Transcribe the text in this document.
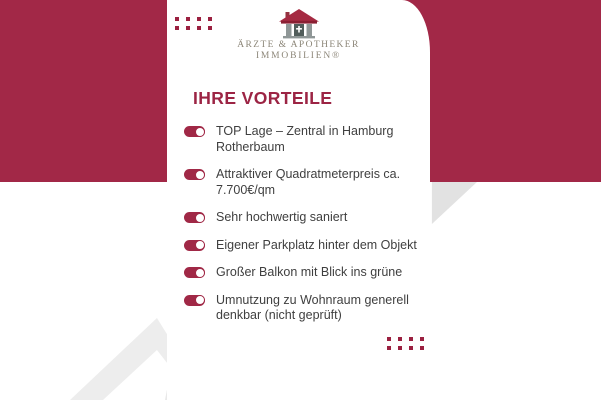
ÄRZTE & APOTHEKER
IMMOBILIEN®
IHRE VORTEILE
TOP Lage – Zentral in Hamburg Rotherbaum
Attraktiver Quadratmeterpreis ca. 7.700€/qm
Sehr hochwertig saniert
Eigener Parkplatz hinter dem Objekt
Großer Balkon mit Blick ins grüne
Umnutzung zu Wohnraum generell denkbar (nicht geprüft)
